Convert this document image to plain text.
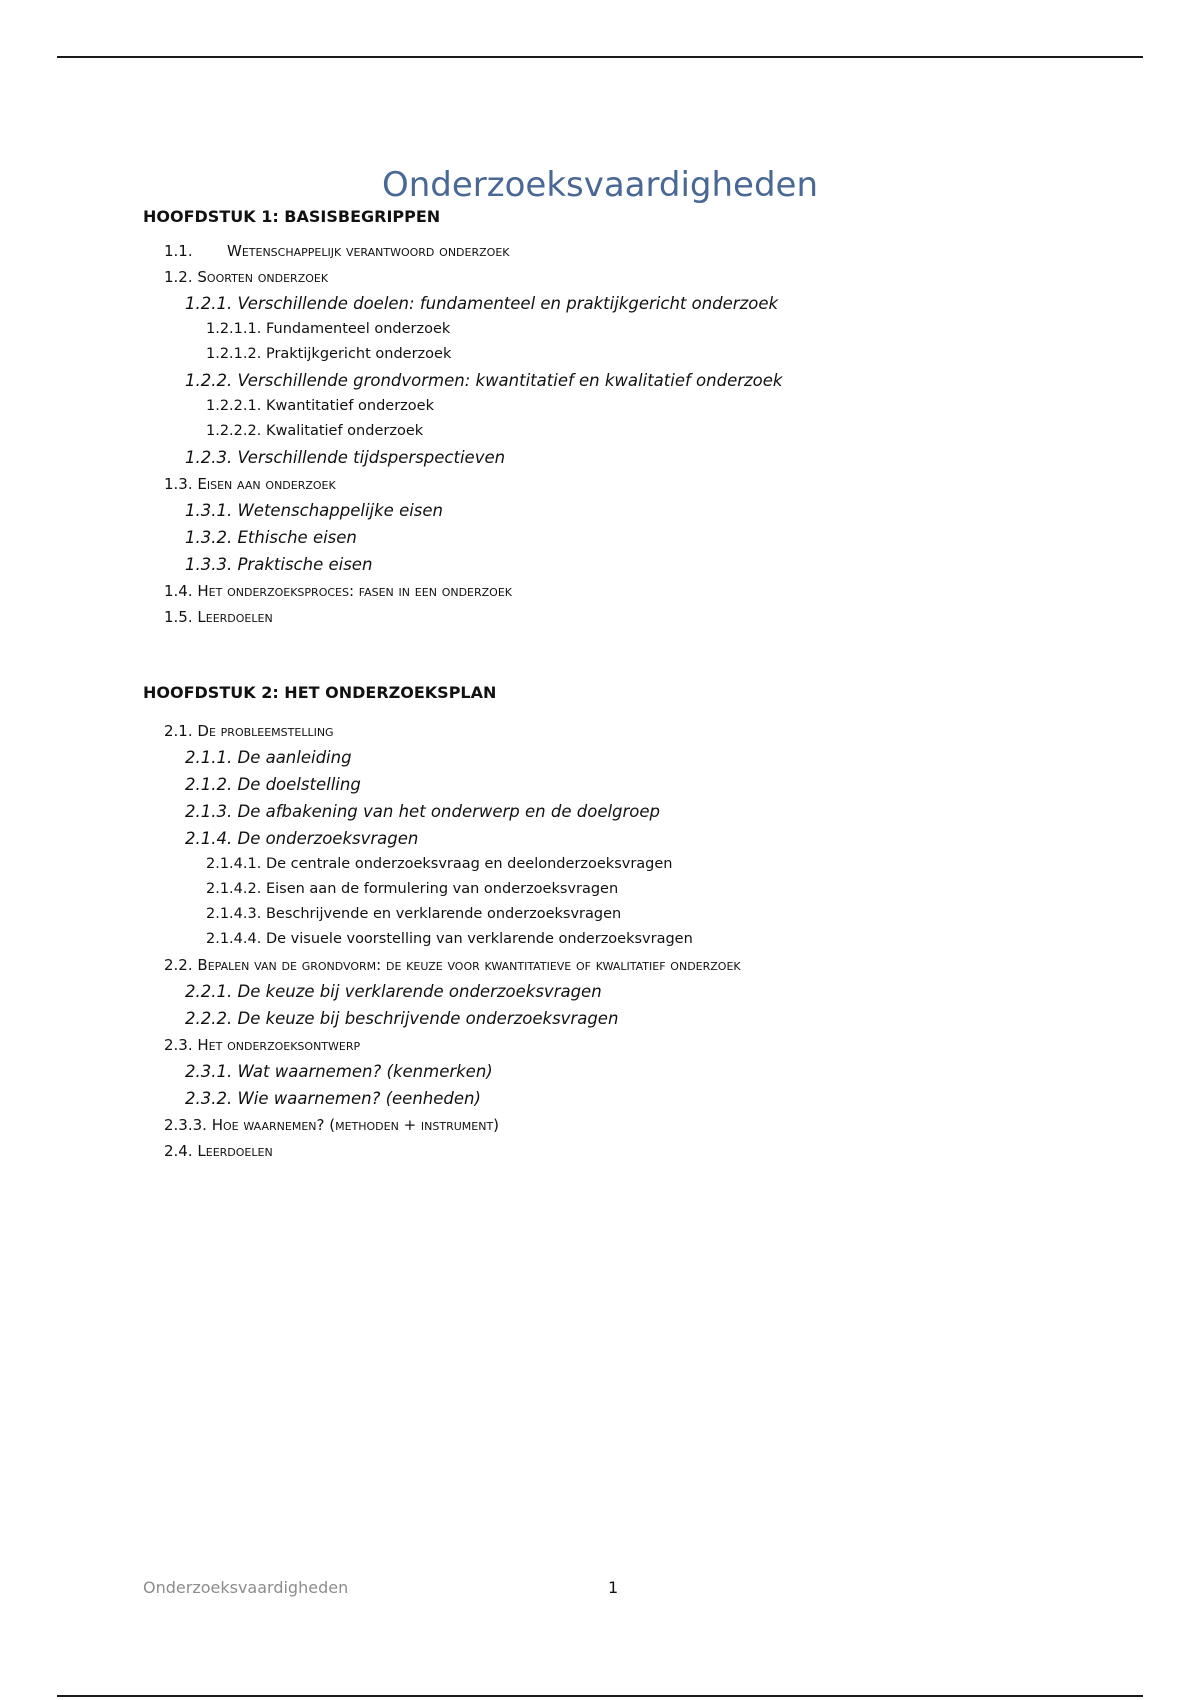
Onderzoeksvaardigheden
HOOFDSTUK 1: BASISBEGRIPPEN
1.1. Wetenschappelijk verantwoord onderzoek
1.2. Soorten onderzoek
1.2.1. Verschillende doelen: fundamenteel en praktijkgericht onderzoek
1.2.1.1. Fundamenteel onderzoek
1.2.1.2. Praktijkgericht onderzoek
1.2.2. Verschillende grondvormen: kwantitatief en kwalitatief onderzoek
1.2.2.1. Kwantitatief onderzoek
1.2.2.2. Kwalitatief onderzoek
1.2.3. Verschillende tijdsperspectieven
1.3. Eisen aan onderzoek
1.3.1. Wetenschappelijke eisen
1.3.2. Ethische eisen
1.3.3. Praktische eisen
1.4. Het onderzoeksproces: fasen in een onderzoek
1.5. Leerdoelen
HOOFDSTUK 2: HET ONDERZOEKSPLAN
2.1. De probleemstelling
2.1.1. De aanleiding
2.1.2. De doelstelling
2.1.3. De afbakening van het onderwerp en de doelgroep
2.1.4. De onderzoeksvragen
2.1.4.1. De centrale onderzoeksvraag en deelonderzoeksvragen
2.1.4.2. Eisen aan de formulering van onderzoeksvragen
2.1.4.3. Beschrijvende en verklarende onderzoeksvragen
2.1.4.4. De visuele voorstelling van verklarende onderzoeksvragen
2.2. Bepalen van de grondvorm: de keuze voor kwantitatieve of kwalitatief onderzoek
2.2.1. De keuze bij verklarende onderzoeksvragen
2.2.2. De keuze bij beschrijvende onderzoeksvragen
2.3. Het onderzoeksontwerp
2.3.1. Wat waarnemen? (kenmerken)
2.3.2. Wie waarnemen? (eenheden)
2.3.3. Hoe waarnemen? (methoden + instrument)
2.4. Leerdoelen
Onderzoeksvaardigheden	1
